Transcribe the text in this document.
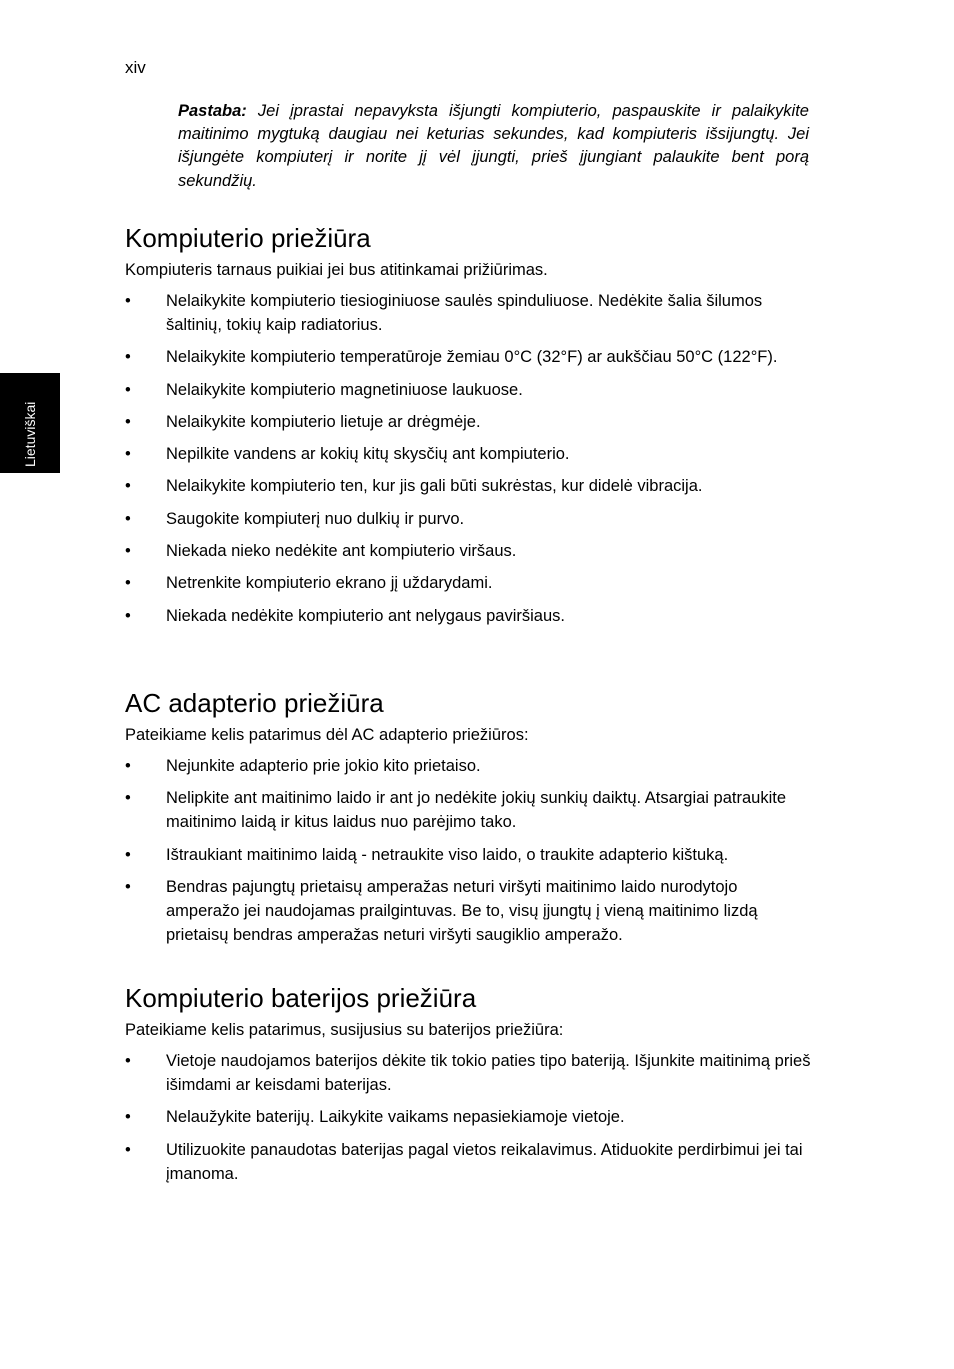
xiv
Lietuviškai
Pastaba: Jei įprastai nepavyksta išjungti kompiuterio, paspauskite ir palaikykite maitinimo mygtuką daugiau nei keturias sekundes, kad kompiuteris išsijungtų. Jei išjungėte kompiuterį ir norite jį vėl įjungti, prieš įjungiant palaukite bent porą sekundžių.
Kompiuterio priežiūra

Kompiuteris tarnaus puikiai jei bus atitinkamai prižiūrimas.

• Nelaikykite kompiuterio tiesioginiuose saulės spinduliuose. Nedėkite šalia šilumos šaltinių, tokių kaip radiatorius.
• Nelaikykite kompiuterio temperatūroje žemiau 0°C (32°F) ar aukščiau 50°C (122°F).
• Nelaikykite kompiuterio magnetiniuose laukuose.
• Nelaikykite kompiuterio lietuje ar drėgmėje.
• Nepilkite vandens ar kokių kitų skysčių ant kompiuterio.
• Nelaikykite kompiuterio ten, kur jis gali būti sukrėstas, kur didelė vibracija.
• Saugokite kompiuterį nuo dulkių ir purvo.
• Niekada nieko nedėkite ant kompiuterio viršaus.
• Netrenkite kompiuterio ekrano jį uždarydami.
• Niekada nedėkite kompiuterio ant nelygaus paviršiaus.
AC adapterio priežiūra

Pateikiame kelis patarimus dėl AC adapterio priežiūros:

• Nejunkite adapterio prie jokio kito prietaiso.
• Nelipkite ant maitinimo laido ir ant jo nedėkite jokių sunkių daiktų. Atsargiai patraukite maitinimo laidą ir kitus laidus nuo parėjimo tako.
• Ištraukiant maitinimo laidą - netraukite viso laido, o traukite adapterio kištuką.
• Bendras pajungtų prietaisų amperažas neturi viršyti maitinimo laido nurodytojo amperažo jei naudojamas prailgintuvas. Be to, visų įjungtų į vieną maitinimo lizdą prietaisų bendras amperažas neturi viršyti saugiklio amperažo.
Kompiuterio baterijos priežiūra

Pateikiame kelis patarimus, susijusius su baterijos priežiūra:

• Vietoje naudojamos baterijos dėkite tik tokio paties tipo bateriją. Išjunkite maitinimą prieš išimdami ar keisdami baterijas.
• Nelaužykite baterijų. Laikykite vaikams nepasiekiamoje vietoje.
• Utilizuokite panaudotas baterijas pagal vietos reikalavimus. Atiduokite perdirbimui jei tai įmanoma.
